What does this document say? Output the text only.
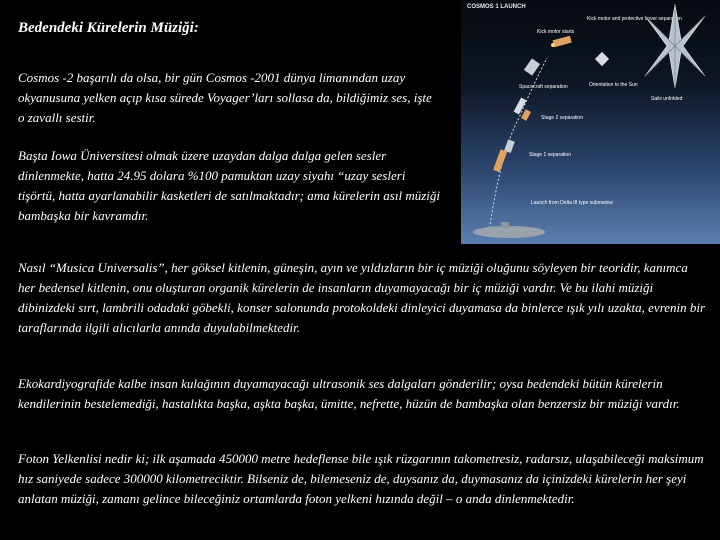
Bedendeki Kürelerin Müziği:

Cosmos -2 başarılı da olsa, bir gün Cosmos -2001 dünya limanından uzay okyanusuna yelken açıp kısa sürede Voyager’ları sollasa da, bildiğimiz ses, işte o zavallı sestir.

Başta Iowa Üniversitesi olmak üzere uzaydan dalga dalga gelen sesler dinlenmekte, hatta 24.95 dolara %100 pamuktan uzay siyahı “uzay sesleri tişörtü, hatta ayarlanabilir kasketleri de satılmaktadır; ama kürelerin asıl müziği bambaşka bir kavramdır.

Nasıl “Musica Universalis”, her göksel kitlenin, güneşin, ayın ve yıldızların bir iç müziği oluğunu söyleyen bir teoridir, kanımca her bedensel kitlenin, onu oluşturan organik kürelerin de insanların duyamayacağı bir iç müziği vardır. Ve bu ilahi müziği dibinizdeki sırt, lambrili odadaki göbekli, konser salonunda protokoldeki dinleyici duyamasa da binlerce ışık yılı uzakta, evrenin bir taraflarında ilgili alıcılarla anında duyulabilmektedir.

Ekokardiyografide kalbe insan kulağının duyamayacağı ultrasonik ses dalgaları gönderilir; oysa bedendeki bütün kürelerin kendilerinin bestelemediği, hastalıkta başka, aşkta başka, ümitte, nefrette, hüzün de bambaşka olan benzersiz bir müziği vardır.

Foton Yelkenlisi nedir ki; ilk aşamada 450000 metre hedeflense bile ışık rüzgarının takometresiz, radarsız, ulaşabileceği maksimum hız saniyede sadece 300000 kilometreciktir. Bilseniz de, bilemeseniz de, duysanız da, duymasanız da içinizdeki kürelerin her şeyi anlatan müziği, zamanı gelince bileceğiniz ortamlarda foton yelkeni hızında değil – o anda dinlenmektedir.

COSMOS 1 LAUNCH
Launch from Delta III type submarine
Stage 1 separation
Stage 2 separation
Spacecraft separation
Kick motor starts
Kick motor and protective cover separation
Orientation to the Sun
Sails unfolded
